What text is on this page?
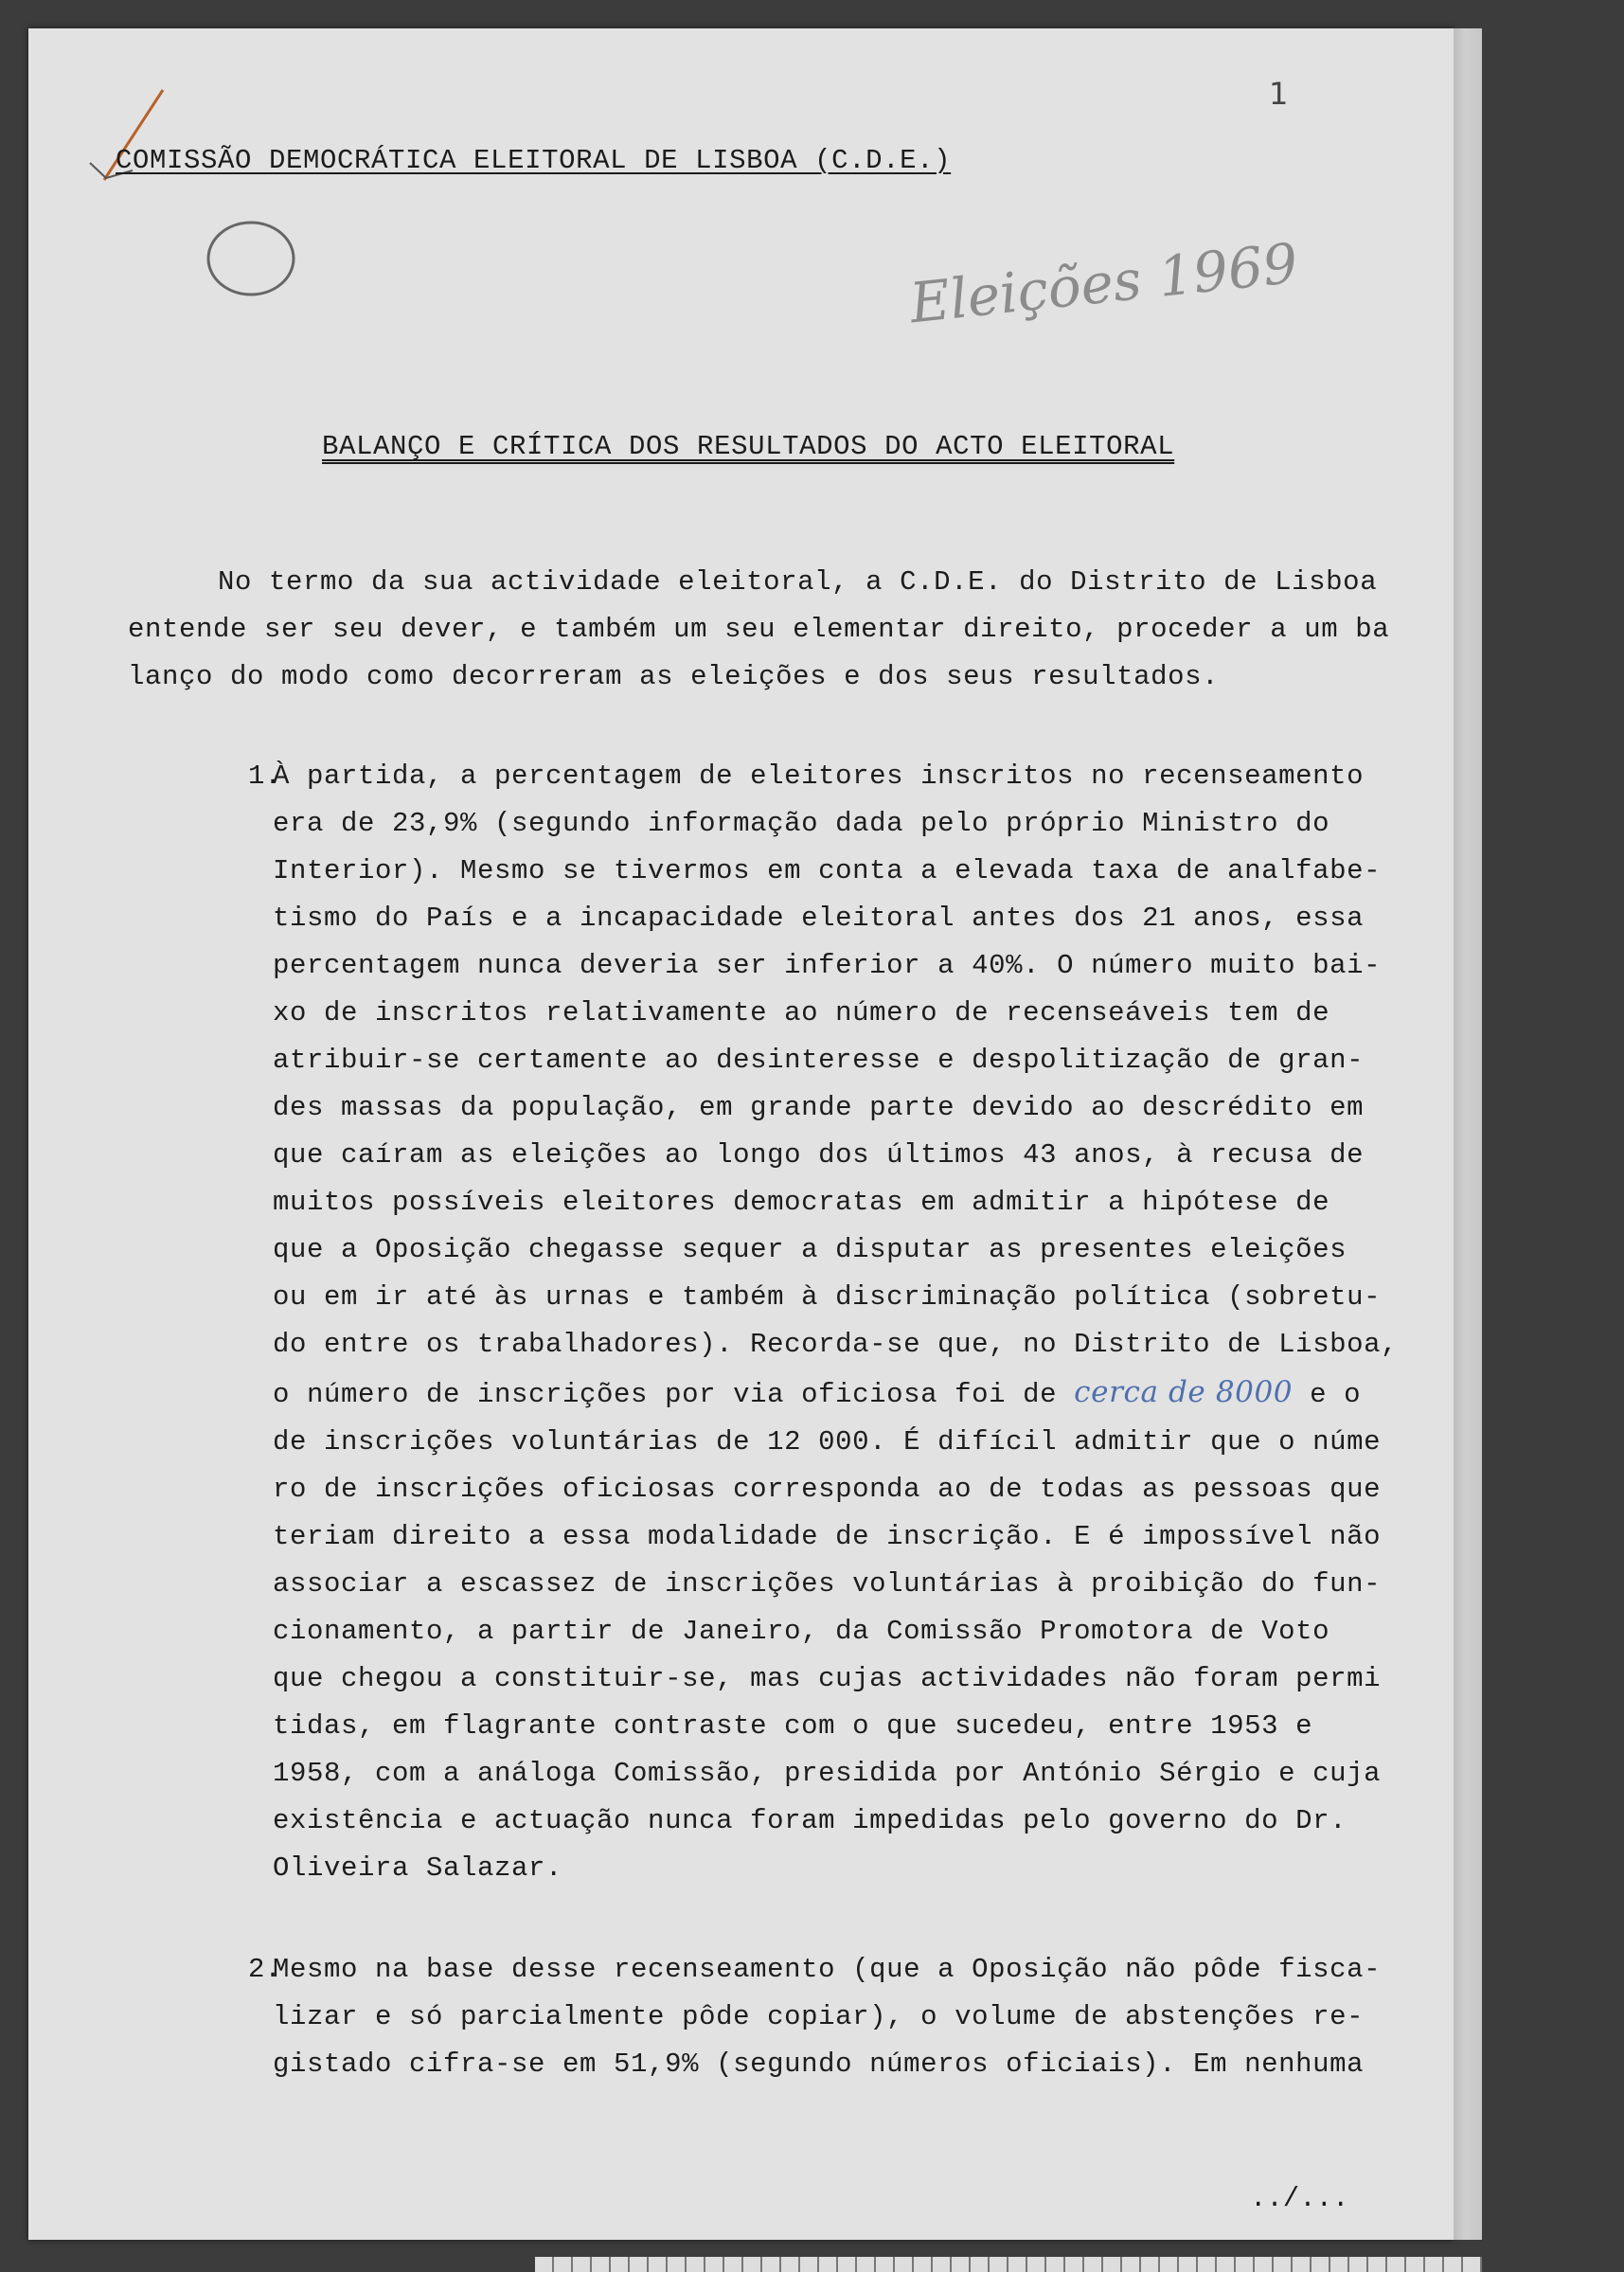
1

COMISSÃO DEMOCRÁTICA ELEITORAL DE LISBOA (C.D.E.)

Eleições 1969

BALANÇO E CRÍTICA DOS RESULTADOS DO ACTO ELEITORAL

No termo da sua actividade eleitoral, a C.D.E. do Distrito de Lisboa
entende ser seu dever, e também um seu elementar direito, proceder a um ba
lanço do modo como decorreram as eleições e dos seus resultados.
1.
À partida, a percentagem de eleitores inscritos no recenseamento
era de 23,9% (segundo informação dada pelo próprio Ministro do
Interior). Mesmo se tivermos em conta a elevada taxa de analfabe-
tismo do País e a incapacidade eleitoral antes dos 21 anos, essa
percentagem nunca deveria ser inferior a 40%. O número muito bai-
xo de inscritos relativamente ao número de recenseáveis tem de
atribuir-se certamente ao desinteresse e despolitização de gran-
des massas da população, em grande parte devido ao descrédito em
que caíram as eleições ao longo dos últimos 43 anos, à recusa de
muitos possíveis eleitores democratas em admitir a hipótese de
que a Oposição chegasse sequer a disputar as presentes eleições
ou em ir até às urnas e também à discriminação política (sobretu-
do entre os trabalhadores). Recorda-se que, no Distrito de Lisboa,
o número de inscrições por via oficiosa foi de cerca de 8000 e o
de inscrições voluntárias de 12 000. É difícil admitir que o núme
ro de inscrições oficiosas corresponda ao de todas as pessoas que
teriam direito a essa modalidade de inscrição. E é impossível não
associar a escassez de inscrições voluntárias à proibição do fun-
cionamento, a partir de Janeiro, da Comissão Promotora de Voto
que chegou a constituir-se, mas cujas actividades não foram permi
tidas, em flagrante contraste com o que sucedeu, entre 1953 e
1958, com a análoga Comissão, presidida por António Sérgio e cuja
existência e actuação nunca foram impedidas pelo governo do Dr.
Oliveira Salazar.
2.
Mesmo na base desse recenseamento (que a Oposição não pôde fisca-
lizar e só parcialmente pôde copiar), o volume de abstenções re-
gistado cifra-se em 51,9% (segundo números oficiais). Em nenhuma
../...
